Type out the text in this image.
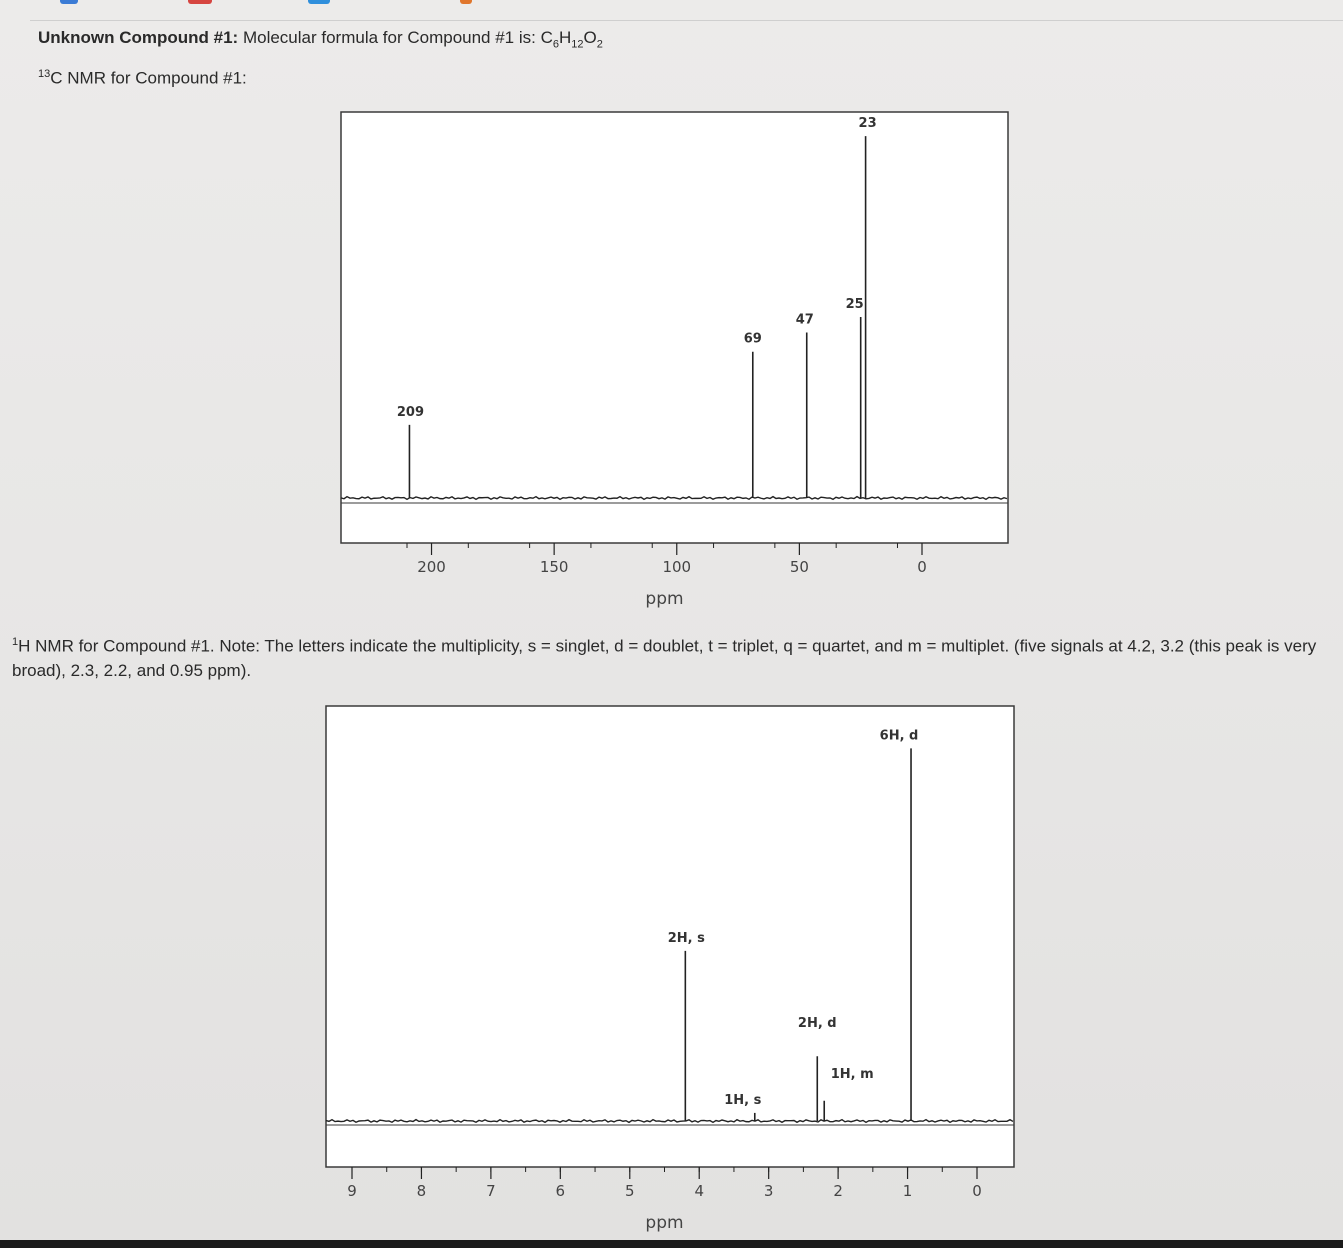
Unknown Compound #1: Molecular formula for Compound #1 is: $C_6H_{12}O_2$
$^{13}$C NMR for Compound #1:
$^1$H NMR for Compound #1. Note: The letters indicate the multiplicity, s = singlet, d = doublet, t = triplet, q = quartet, and m = multiplet. (five signals at 4.2, 3.2 (this peak is very broad), 2.3, 2.2, and 0.95 ppm).
200	150	100	50	0
ppm
209
69
47
25
23
9	8	7	6	5	4	3	2	1	0
ppm
2H, s
1H, s
2H, d
1H, m
6H, d
